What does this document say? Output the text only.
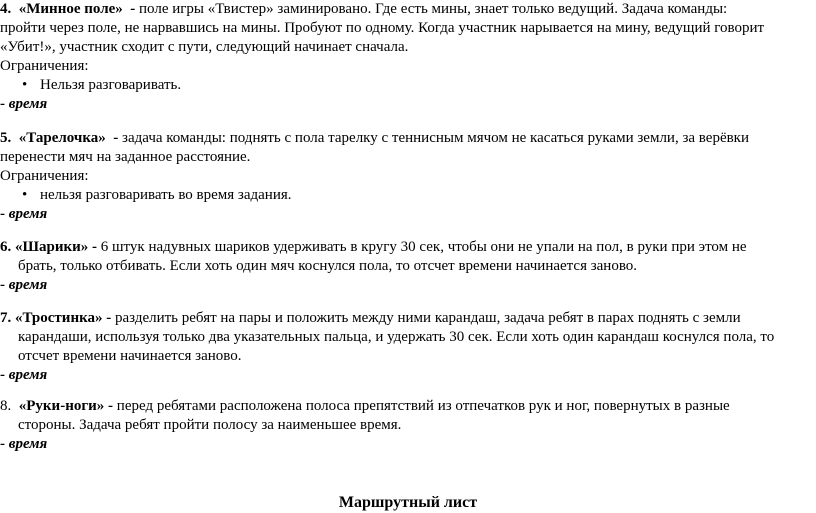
4. «Минное поле» - поле игры «Твистер» заминировано. Где есть мины, знает только ведущий. Задача команды:
пройти через поле, не нарвавшись на мины. Пробуют по одному. Когда участник нарывается на мину, ведущий говорит
«Убит!», участник сходит с пути, следующий начинает сначала.
Ограничения:
• Нельзя разговаривать.
- время
5. «Тарелочка» - задача команды: поднять с пола тарелку с теннисным мячом не касаться руками земли, за верёвки
перенести мяч на заданное расстояние.
Ограничения:
• нельзя разговаривать во время задания.
- время
6. «Шарики» - 6 штук надувных шариков удерживать в кругу 30 сек, чтобы они не упали на пол, в руки при этом не
брать, только отбивать. Если хоть один мяч коснулся пола, то отсчет времени начинается заново.
- время
7. «Тростинка» - разделить ребят на пары и положить между ними карандаш, задача ребят в парах поднять с земли
карандаши, используя только два указательных пальца, и удержать 30 сек. Если хоть один карандаш коснулся пола, то
отсчет времени начинается заново.
- время
8. «Руки-ноги» - перед ребятами расположена полоса препятствий из отпечатков рук и ног, повернутых в разные
стороны. Задача ребят пройти полосу за наименьшее время.
- время
Маршрутный лист
